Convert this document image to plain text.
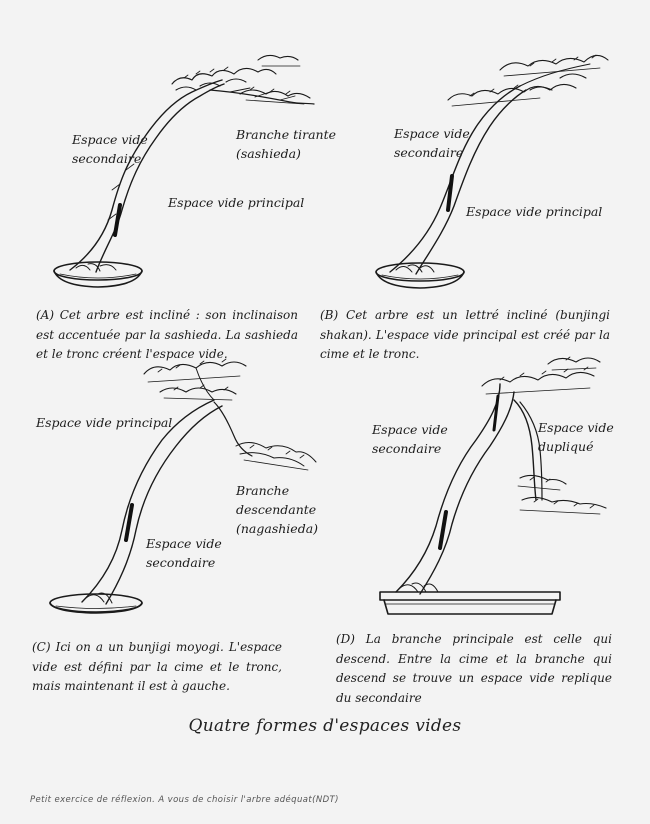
Espace vide
secondaire
Branche tirante
(sashieda)
Espace vide principal
(A) Cet arbre est incliné : son inclinaison est accentuée par la sashieda. La sashieda et le tronc créent l'espace vide.
Espace vide
secondaire
Espace vide principal
(B) Cet arbre est un lettré incliné (bunjingi shakan). L'espace vide principal est créé par la cime et le tronc.
Espace vide principal
Branche
descendante
(nagashieda)
Espace vide
secondaire
(C) Ici on a un bunjigi moyogi. L'espace vide est défini par la cime et le tronc, mais maintenant il est à gauche.
Espace vide
secondaire
Espace vide
dupliqué
(D) La branche principale est celle qui descend. Entre la cime et la branche qui descend se trouve un espace vide replique du secondaire
Quatre formes d'espaces vides
Petit exercice de réflexion. A vous de choisir l'arbre adéquat(NDT)
